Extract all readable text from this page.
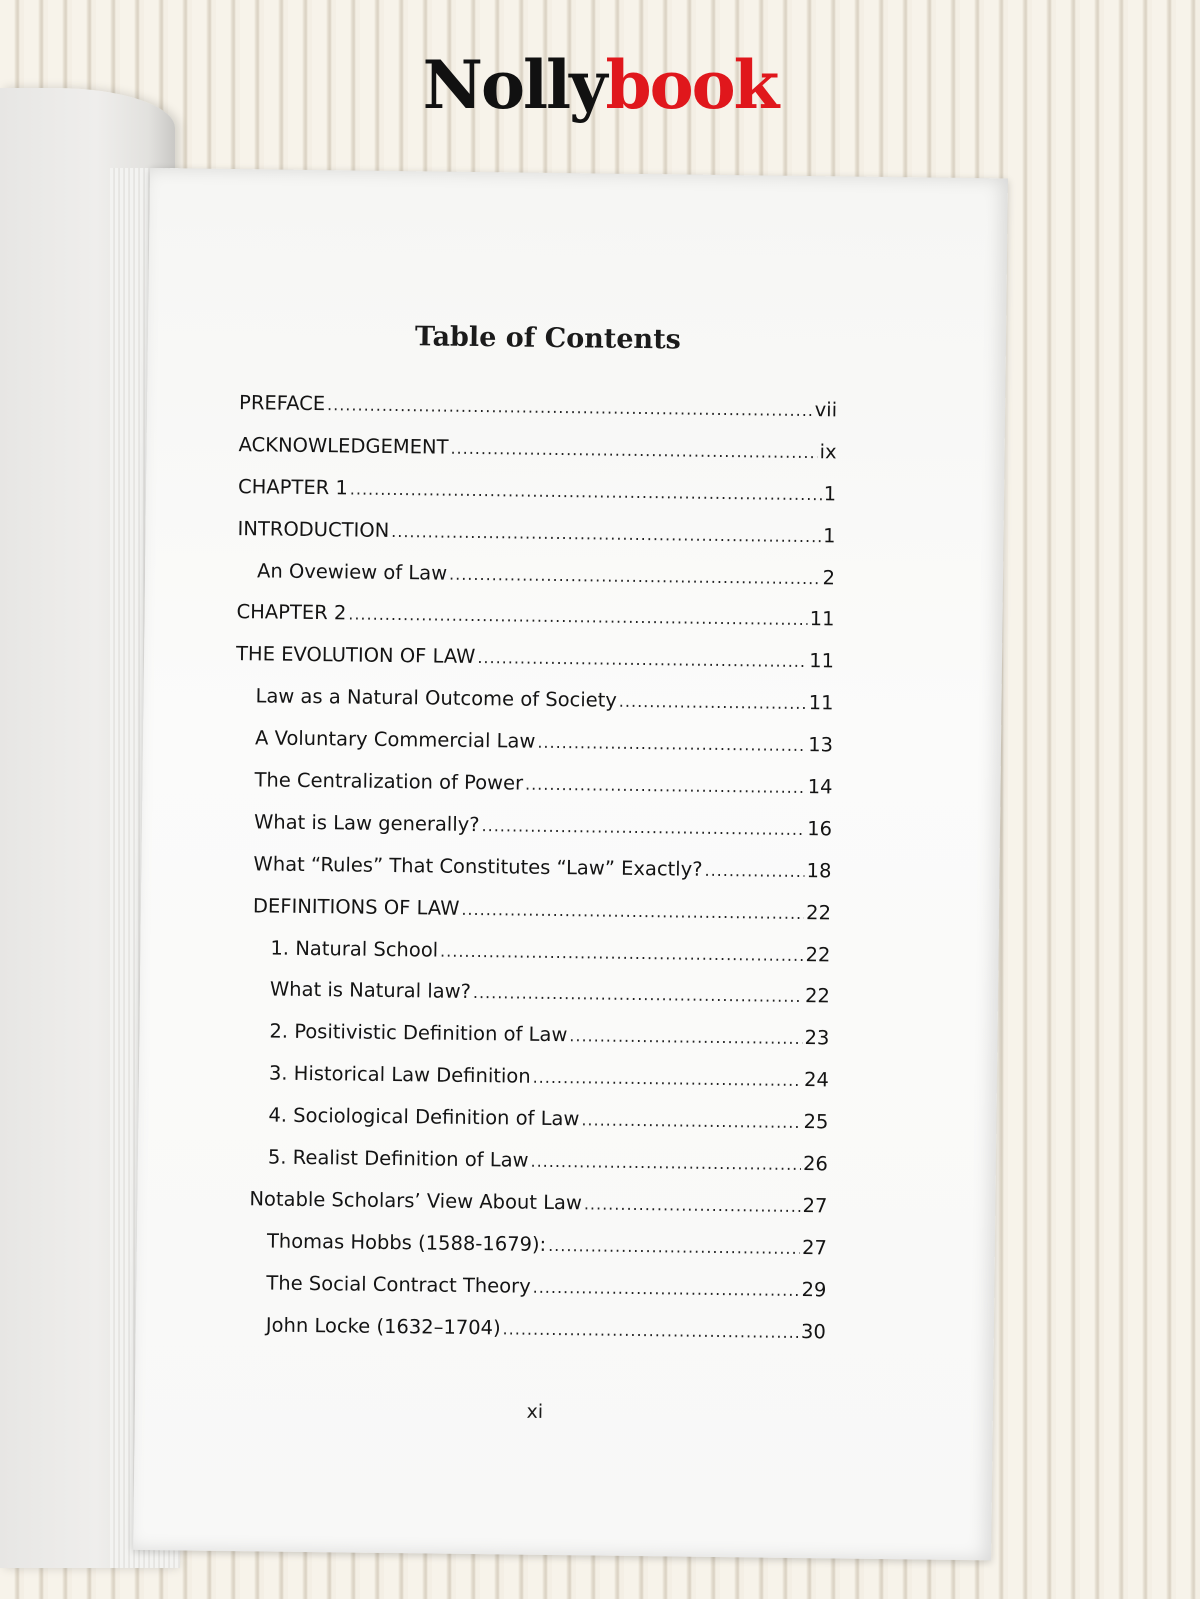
Nollybook
Table of Contents
PREFACE .....	vii
ACKNOWLEDGEMENT .....	ix
CHAPTER 1 .....	1
INTRODUCTION .....	1
An Ovewiew of Law .....	2
CHAPTER 2 .....	11
THE EVOLUTION OF LAW .....	11
Law as a Natural Outcome of Society .....	11
A Voluntary Commercial Law .....	13
The Centralization of Power .....	14
What is Law generally? .....	16
What “Rules” That Constitutes “Law” Exactly? .....	18
DEFINITIONS OF LAW .....	22
1. Natural School .....	22
What is Natural law? .....	22
2. Positivistic Definition of Law .....	23
3. Historical Law Definition .....	24
4. Sociological Definition of Law .....	25
5. Realist Definition of Law .....	26
Notable Scholars’ View About Law .....	27
Thomas Hobbs (1588-1679): .....	27
The Social Contract Theory .....	29
John Locke (1632–1704) .....	30
xi
